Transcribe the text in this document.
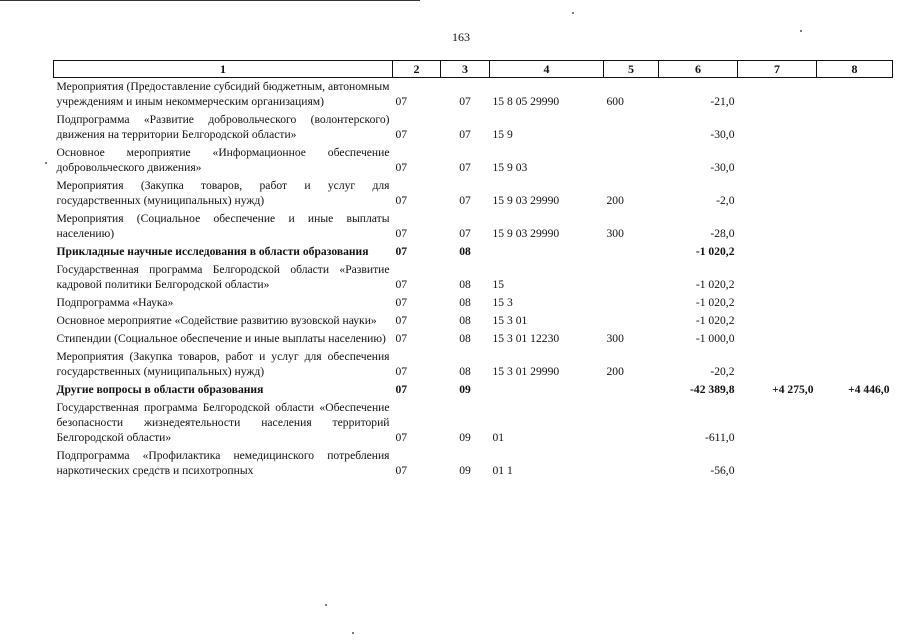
163
1	2	3	4	5	6	7	8
Мероприятия (Предоставление субсидий бюджетным, автономным учреждениям и иным некоммерческим организациям)	07	07	15 8 05 29990	600	-21,0		
Подпрограмма «Развитие добровольческого (волонтерского) движения на территории Белгородской области»	07	07	15 9		-30,0		
Основное мероприятие «Информационное обеспечение добровольческого движения»	07	07	15 9 03		-30,0		
Мероприятия (Закупка товаров, работ и услуг для государственных (муниципальных) нужд)	07	07	15 9 03 29990	200	-2,0		
Мероприятия (Социальное обеспечение и иные выплаты населению)	07	07	15 9 03 29990	300	-28,0		
Прикладные научные исследования в области образования	07	08			-1 020,2		
Государственная программа Белгородской области «Развитие кадровой политики Белгородской области»	07	08	15		-1 020,2		
Подпрограмма «Наука»	07	08	15 3		-1 020,2		
Основное мероприятие «Содействие развитию вузовской науки»	07	08	15 3 01		-1 020,2		
Стипендии (Социальное обеспечение и иные выплаты населению)	07	08	15 3 01 12230	300	-1 000,0		
Мероприятия (Закупка товаров, работ и услуг для обеспечения государственных (муниципальных) нужд)	07	08	15 3 01 29990	200	-20,2		
Другие вопросы в области образования	07	09			-42 389,8	+4 275,0	+4 446,0
Государственная программа Белгородской области «Обеспечение безопасности жизнедеятельности населения территорий Белгородской области»	07	09	01		-611,0		
Подпрограмма «Профилактика немедицинского потребления наркотических средств и психотропных	07	09	01 1		-56,0		
